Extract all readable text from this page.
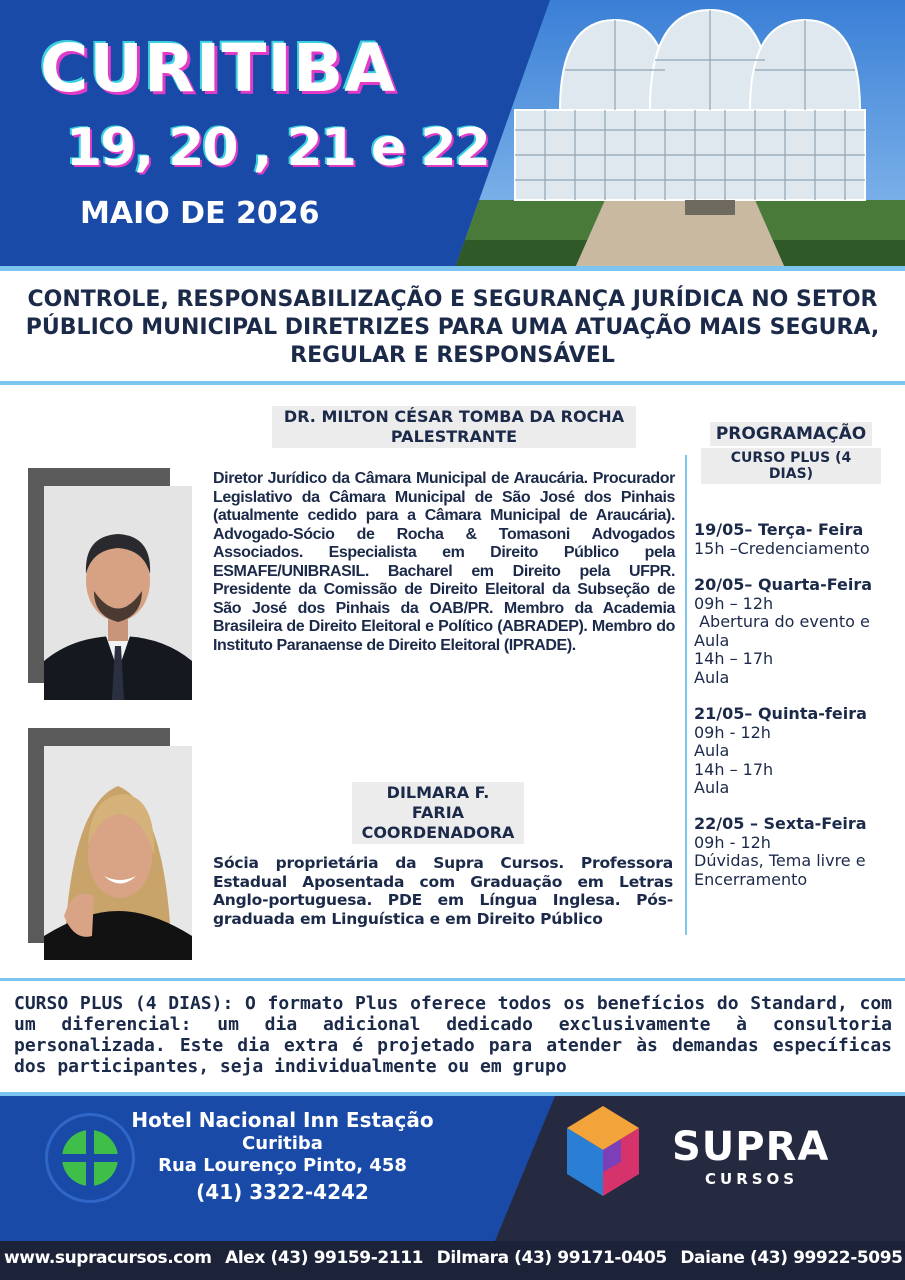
CURITIBA
19, 20 , 21 e 22
MAIO DE 2026
CONTROLE, RESPONSABILIZAÇÃO E SEGURANÇA JURÍDICA NO SETOR
PÚBLICO MUNICIPAL DIRETRIZES PARA UMA ATUAÇÃO MAIS SEGURA,
REGULAR E RESPONSÁVEL
DR. MILTON CÉSAR TOMBA DA ROCHA
PALESTRANTE
Diretor Jurídico da Câmara Municipal de Araucária. Procurador Legislativo da Câmara Municipal de São José dos Pinhais (atualmente cedido para a Câmara Municipal de Araucária). Advogado-Sócio de Rocha & Tomasoni Advogados Associados. Especialista em Direito Público pela ESMAFE/UNIBRASIL. Bacharel em Direito pela UFPR. Presidente da Comissão de Direito Eleitoral da Subseção de São José dos Pinhais da OAB/PR. Membro da Academia Brasileira de Direito Eleitoral e Político (ABRADEP). Membro do Instituto Paranaense de Direito Eleitoral (IPRADE).
DILMARA F. FARIA
COORDENADORA
Sócia proprietária da Supra Cursos. Professora Estadual Aposentada com Graduação em Letras Anglo-portuguesa. PDE em Língua Inglesa. Pós-graduada em Linguística e em Direito Público
PROGRAMAÇÃO
CURSO PLUS (4 DIAS)
19/05– Terça- Feira
15h –Credenciamento
20/05– Quarta-Feira
09h – 12h
Abertura do evento e
Aula
14h – 17h
Aula
21/05– Quinta-feira
09h - 12h
Aula
14h – 17h
Aula
22/05 – Sexta-Feira
09h - 12h
Dúvidas, Tema livre e
Encerramento
CURSO PLUS (4 DIAS): O formato Plus oferece todos os benefícios do Standard, com um diferencial: um dia adicional dedicado exclusivamente à consultoria personalizada. Este dia extra é projetado para atender às demandas específicas dos participantes, seja individualmente ou em grupo
Hotel Nacional Inn Estação
Curitiba
Rua Lourenço Pinto, 458
(41) 3322-4242
SUPRA
CURSOS
www.supracursos.com Alex (43) 99159-2111 Dilmara (43) 99171-0405 Daiane (43) 99922-5095
